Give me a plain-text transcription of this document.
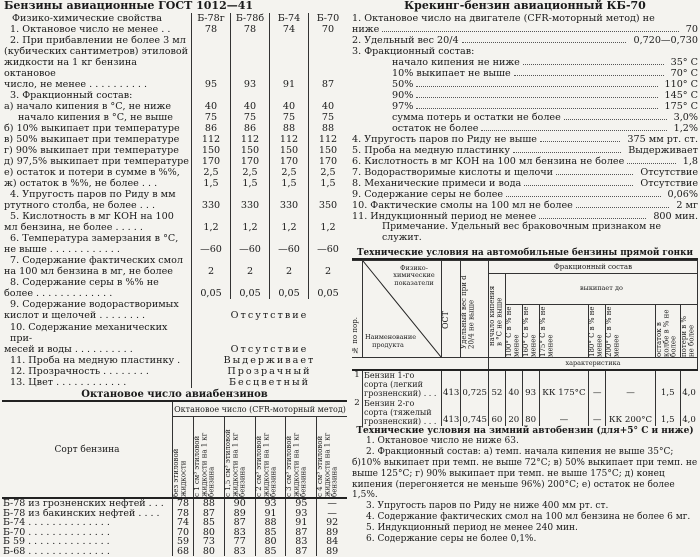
Бензины авиационные ГОСТ 1012—41
Физико-химические свойства	Б-78г	Б-78б	Б-74	Б-70
1. Октановое число не менее . .	78	78	74	70
2. При прибавлении не более 3 мл				
(кубических сантиметров) этиловой				
жидкости на 1 кг бензина октановое				
число, не менее . . . . . . . . . .	95	93	91	87
3. Фракционный состав:				
а) начало кипения в °С, не ниже	40	40	40	40
начало кипения в °С, не выше	75	75	75	75
б) 10% выкипает при температуре	86	86	88	88
в) 50% выкипает при температуре	112	112	112	112
г) 90% выкипает при температуре	150	150	150	150
д) 97,5% выкипает при температуре	170	170	170	170
е) остаток и потери в сумме в %%,	2,5	2,5	2,5	2,5
ж) остаток в %%, не более . . .	1,5	1,5	1,5	1,5
4. Упругость паров по Риду в мм				
ртутного столба, не более . . .	330	330	330	350
5. Кислотность в мг КОН на 100				
мл бензина, не более . . . . .	1,2	1,2	1,2	1,2
6. Температура замерзания в °С,				
не выше . . . . . . . . . . . .	—60	—60	—60	—60
7. Содержание фактических смол				
на 100 мл бензина в мг, не более	2	2	2	2
8. Содержание серы в %% не				
более . . . . . . . . . . . . .	0,05	0,05	0,05	0,05
9. Содержание водорастворимых				
кислот и щелочей . . . . . . . .	Отсутствие			
10. Содержание механических при-				
месей и воды . . . . . . . . . .	Отсутствие			
11. Проба на медную пластинку .	Выдерживает			
12. Прозрачность . . . . . . . .	Прозрачный			
13. Цвет . . . . . . . . . . . .	Бесцветный			
Октановое число авиабензинов
Сорт бензина	Октановое число (CFR-моторный метод)					

	без этиловой жидкости	с 1 см³ этиловой жидкости на 1 кг бензина	с 1,5 см³ этиловой жидкости на 1 кг бензина	с 2 см³ этиловой жидкости на 1 кг бензина	с 3 см³ этиловой жидкости на 1 кг бензина	с 4 см³ этиловой жидкости на 1 кг бензина

Б-78 из грозненских нефтей . . .	78	88	90	93	95	—
Б-78 из бакинских нефтей . . . .	78	87	89	91	93	—
Б-74 . . . . . . . . . . . . . .	74	85	87	88	91	92
Б-70 . . . . . . . . . . . . . .	70	80	83	85	87	89
Б 59 . . . . . . . . . . . . . .	59	73	77	80	83	84
Б-68 . . . . . . . . . . . . . .	68	80	83	85	87	89
Крекинг-бензин авиационный КБ-70
1. Октановое число на двигателе (CFR-моторный метод) не
ниже	70
2. Удельный вес 20/4	0,720—0,730
3. Фракционный состав:
начало кипения не ниже	35° С
10% выкипает не выше	70° С
50%	110° С
90%	145° С
97%	175° С
сумма потерь и остатки не более	3,0%
остаток не более	1,2%
4. Упругость паров по Риду не выше	375 мм рт. ст.
5. Проба на медную пластинку	Выдерживает
6. Кислотность в мг КОН на 100 мл бензина не более	1,8
7. Водорастворимые кислоты и щелочи	Отсутствие
8. Механические примеси и вода	Отсутствие
9. Содержание серы не более	0,06%
10. Фактические смолы на 100 мл не более	2 мг
11. Индукционный период не менее	800 мин.
Примечание. Удельный вес браковочным признаком не служит.
Технические условия на автомобильные бензины прямой гонки
№ по пор.	Физико-химические показатели
Наименование продукта	ОСТ	Удельный вес при d 20/4 не выше	Фракционный состав							

				начало кипения в °С не выше	выкипает до						

					100° С в % не менее	160° С в % не менее	175° С в % не менее	180° С в % не менее	200° С в % не менее	остаток в колбе в % не более	потери в % не более

				характеристика							
1	Бензин 1-го сорта (легкий грозненский) . . .	413	0,725	52	40	93	КК 175°С	—	—	1,5	4,0
2	Бензин 2-го сорта (тяжелый грозненский) . . .	413	0,745	60	20	80	—	—	КК 200°С	1,5	4,0
Технические условия на зимний автобензин (для+5° С и ниже)

1. Октановое число не ниже 63.

2. Фракционный состав: а) темп. начала кипения не выше 35°С; б)10% выкипает при темп. не выше 72°С; в) 50% выкипает при темп. не выше 125°С; г) 90% выкипает при темп. не выше 175°С; д) конец кипения (перегоняется не меньше 96%) 200°С; е) остаток не более 1,5%.

3. Упругость паров по Риду не ниже 400 мм рт. ст.

4. Содержание фактических смол на 100 мл бензина не более 6 мг.

5. Индукционный период не менее 240 мин.

6. Содержание серы не более 0,1%.
